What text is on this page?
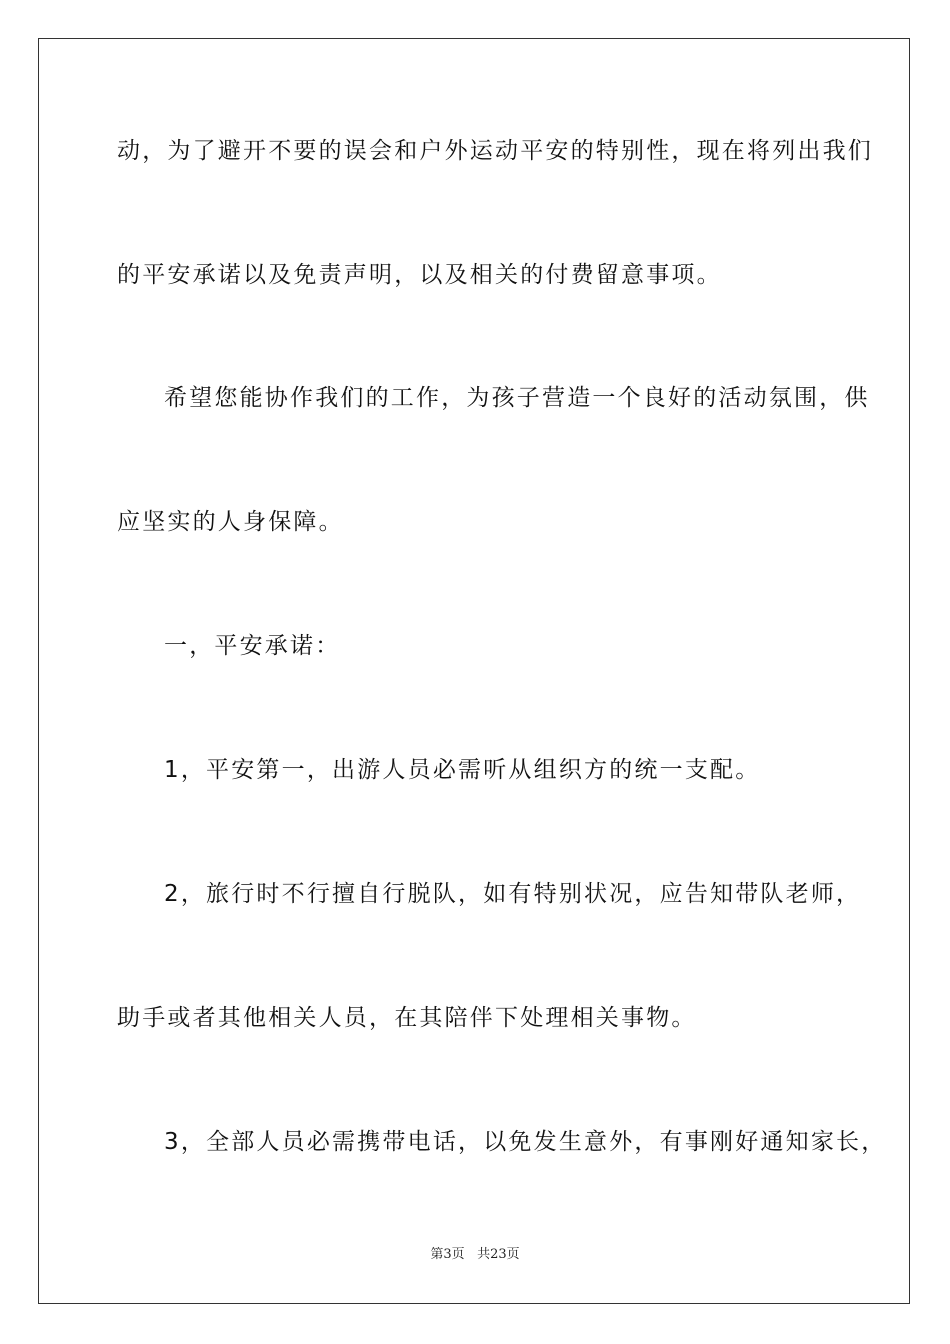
动，为了避开不要的误会和户外运动平安的特别性，现在将列出我们
的平安承诺以及免责声明，以及相关的付费留意事项。
希望您能协作我们的工作，为孩子营造一个良好的活动氛围，供
应坚实的人身保障。
一，平安承诺：
1，平安第一，出游人员必需听从组织方的统一支配。
2，旅行时不行擅自行脱队，如有特别状况，应告知带队老师，
助手或者其他相关人员，在其陪伴下处理相关事物。
3，全部人员必需携带电话，以免发生意外，有事刚好通知家长，
第3页 共23页
